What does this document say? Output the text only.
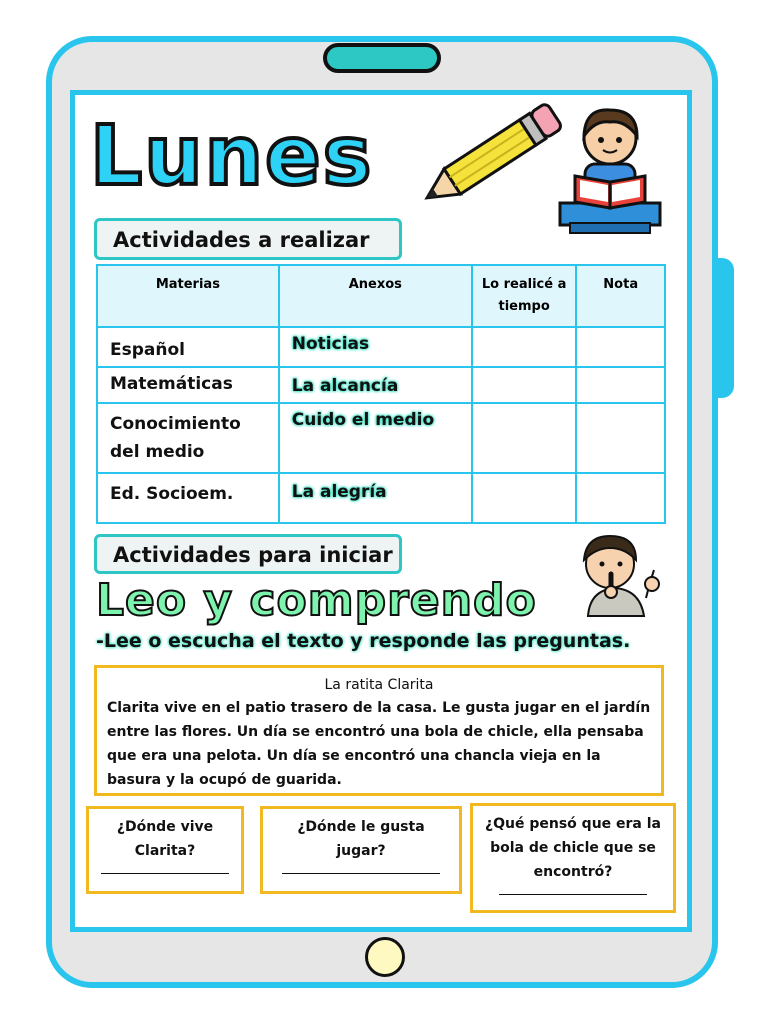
Lunes
Actividades a realizar
Materias	Anexos	Lo realicé a tiempo	Nota
Español	Noticias		
Matemáticas	La alcancía		
Conocimiento del medio	Cuido el medio		
Ed. Socioem.	La alegría		
Actividades para iniciar
Leo y comprendo
-Lee o escucha el texto y responde las preguntas.
La ratita Clarita
Clarita vive en el patio trasero de la casa. Le gusta jugar en el jardín entre las flores. Un día se encontró una bola de chicle, ella pensaba que era una pelota. Un día se encontró una chancla vieja en la basura y la ocupó de guarida.
¿Dónde vive Clarita?
¿Dónde le gusta jugar?
¿Qué pensó que era la bola de chicle que se encontró?
